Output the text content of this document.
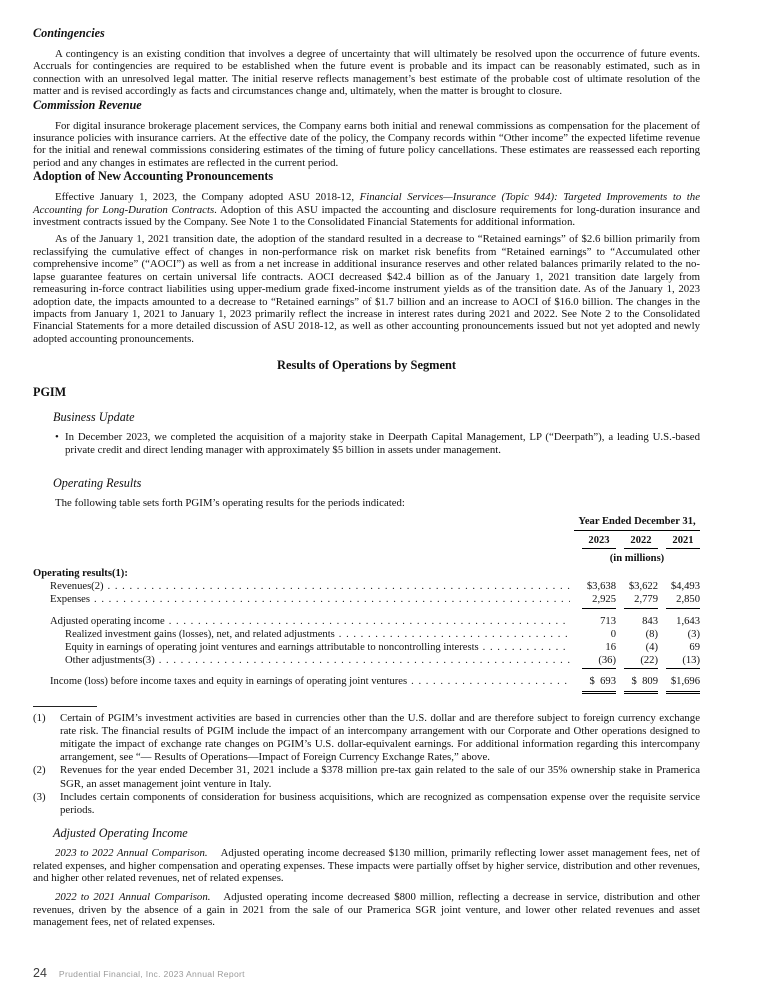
Contingencies

A contingency is an existing condition that involves a degree of uncertainty that will ultimately be resolved upon the occurrence of future events. Accruals for contingencies are required to be established when the future event is probable and its impact can be reasonably estimated, such as in connection with an unresolved legal matter. The initial reserve reflects management’s best estimate of the probable cost of ultimate resolution of the matter and is revised accordingly as facts and circumstances change and, ultimately, when the matter is brought to closure.

Commission Revenue

For digital insurance brokerage placement services, the Company earns both initial and renewal commissions as compensation for the placement of insurance policies with insurance carriers. At the effective date of the policy, the Company records within “Other income” the expected lifetime revenue for the initial and renewal commissions considering estimates of the timing of future policy cancellations. These estimates are reassessed each reporting period and any changes in estimates are reflected in the current period.

Adoption of New Accounting Pronouncements

Effective January 1, 2023, the Company adopted ASU 2018-12, Financial Services—Insurance (Topic 944): Targeted Improvements to the Accounting for Long-Duration Contracts. Adoption of this ASU impacted the accounting and disclosure requirements for long-duration insurance and investment contracts issued by the Company. See Note 1 to the Consolidated Financial Statements for additional information.

As of the January 1, 2021 transition date, the adoption of the standard resulted in a decrease to “Retained earnings” of $2.6 billion primarily from reclassifying the cumulative effect of changes in non-performance risk on market risk benefits from “Retained earnings” to “Accumulated other comprehensive income” (“AOCI”) as well as from a net increase in additional insurance reserves and other related balances primarily related to the no-lapse guarantee features on certain universal life contracts. AOCI decreased $42.4 billion as of the January 1, 2021 transition date largely from remeasuring in-force contract liabilities using upper-medium grade fixed-income instrument yields as of the transition date. As of the January 1, 2023 adoption date, the impacts amounted to a decrease to “Retained earnings” of $1.7 billion and an increase to AOCI of $16.0 billion. The changes in the impacts from January 1, 2021 to January 1, 2023 primarily reflect the increase in interest rates during 2021 and 2022. See Note 2 to the Consolidated Financial Statements for a more detailed discussion of ASU 2018-12, as well as other accounting pronouncements issued but not yet adopted and newly adopted accounting pronouncements.

Results of Operations by Segment
PGIM
Business Update
• In December 2023, we completed the acquisition of a majority stake in Deerpath Capital Management, LP (“Deerpath”), a leading U.S.-based private credit and direct lending manager with approximately $5 billion in assets under management.
Operating Results

The following table sets forth PGIM’s operating results for the periods indicated:

Year Ended December 31,
2023	2022	2021
(in millions)
Operating results(1):
Revenues(2) . . .	$3,638	$3,622	$4,493
Expenses . . .	2,925	2,779	2,850
Adjusted operating income . . .	713	843	1,643
Realized investment gains (losses), net, and related adjustments . . .	0	(8)	(3)
Equity in earnings of operating joint ventures and earnings attributable to noncontrolling interests . . .	16	(4)	69
Other adjustments(3) . . .	(36)	(22)	(13)
Income (loss) before income taxes and equity in earnings of operating joint ventures . . .	$  693	$  809	$1,696
(1)	Certain of PGIM’s investment activities are based in currencies other than the U.S. dollar and are therefore subject to foreign currency exchange rate risk. The financial results of PGIM include the impact of an intercompany arrangement with our Corporate and Other operations designed to mitigate the impact of exchange rate changes on PGIM’s U.S. dollar-equivalent earnings. For additional information regarding this intercompany arrangement, see “— Results of Operations—Impact of Foreign Currency Exchange Rates,” above.
(2)	Revenues for the year ended December 31, 2021 include a $378 million pre-tax gain related to the sale of our 35% ownership stake in Pramerica SGR, an asset management joint venture in Italy.
(3)	Includes certain components of consideration for business acquisitions, which are recognized as compensation expense over the requisite service periods.
Adjusted Operating Income

2023 to 2022 Annual Comparison. Adjusted operating income decreased $130 million, primarily reflecting lower asset management fees, net of related expenses, and higher compensation and operating expenses. These impacts were partially offset by higher service, distribution and other revenues, and higher other related revenues, net of related expenses.

2022 to 2021 Annual Comparison. Adjusted operating income decreased $800 million, reflecting a decrease in service, distribution and other revenues, driven by the absence of a gain in 2021 from the sale of our Pramerica SGR joint venture, and lower other related revenues and asset management fees, net of related expenses.

24 Prudential Financial, Inc. 2023 Annual Report
